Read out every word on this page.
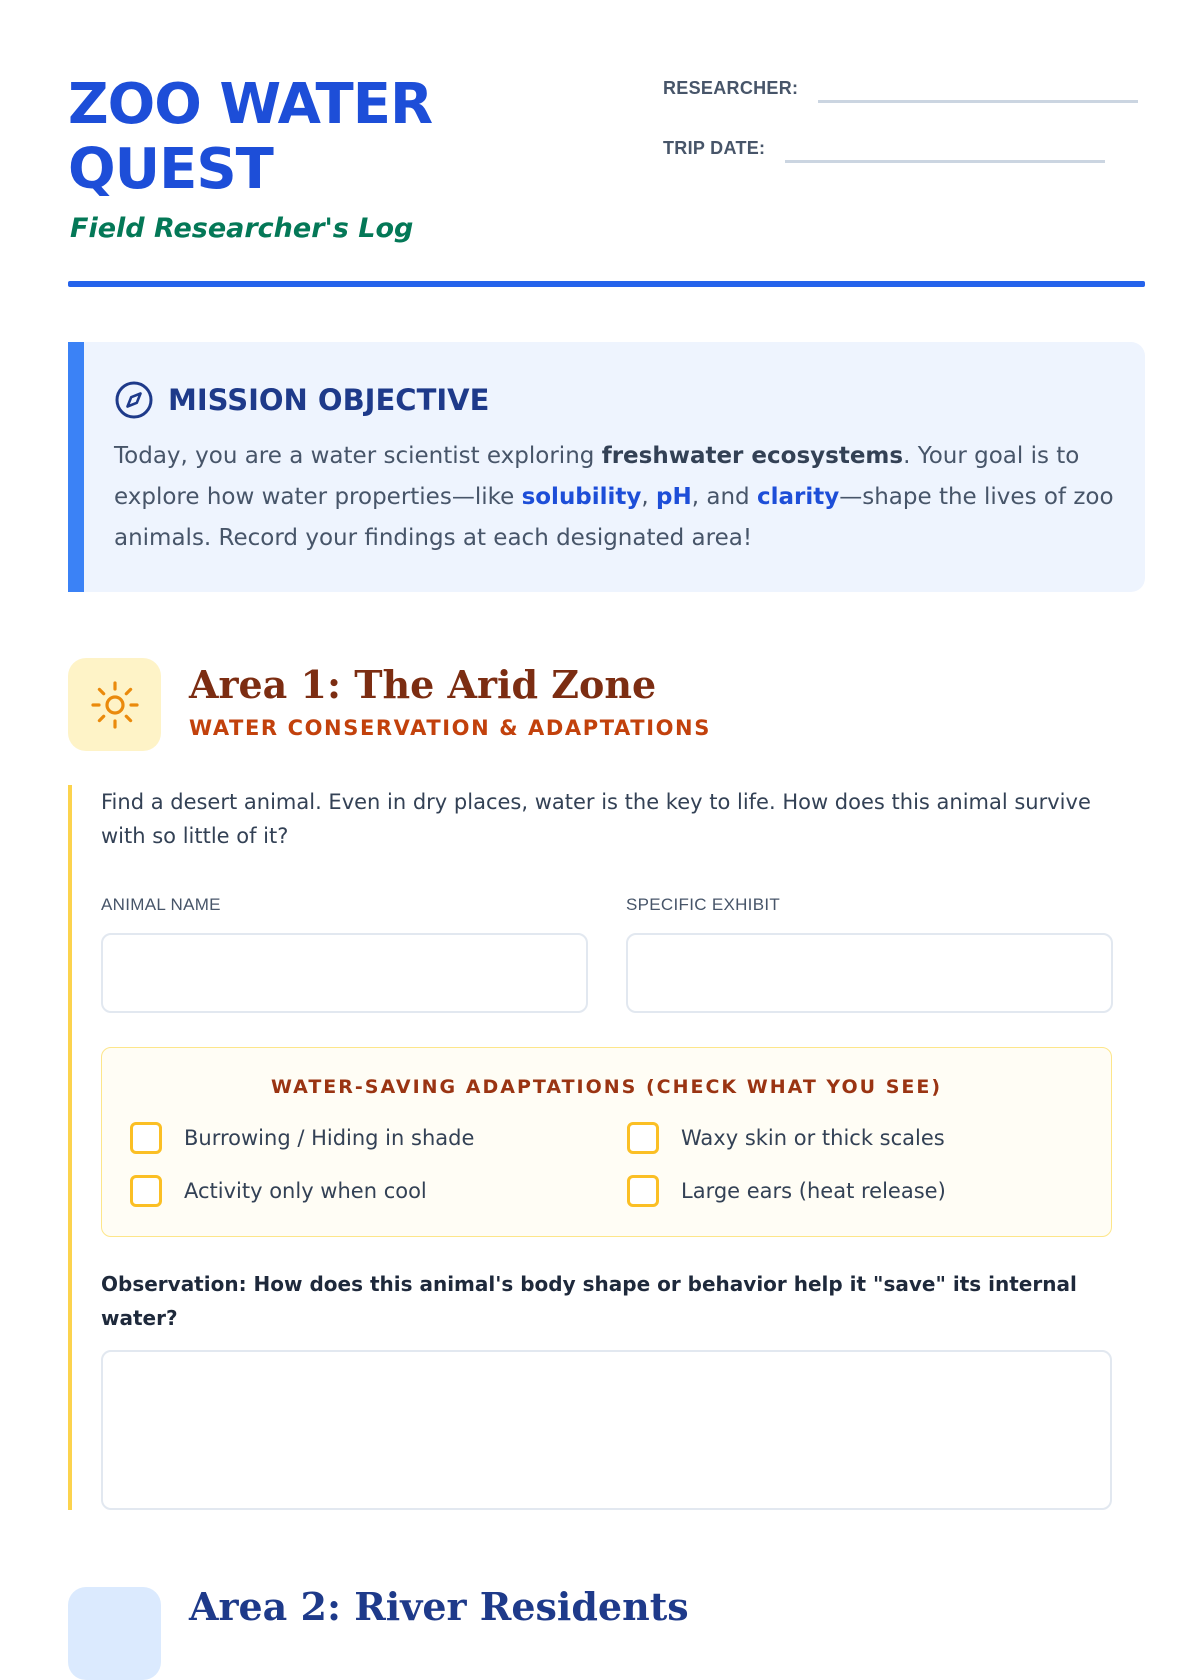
ZOO WATER QUEST
Field Researcher's Log
RESEARCHER:
TRIP DATE:
MISSION OBJECTIVE

Today, you are a water scientist exploring freshwater ecosystems. Your goal is to explore how water properties—like solubility, pH, and clarity—shape the lives of zoo animals. Record your findings at each designated area!

Area 1: The Arid Zone
WATER CONSERVATION & ADAPTATIONS

Find a desert animal. Even in dry places, water is the key to life. How does this animal survive with so little of it?

ANIMAL NAME	SPECIFIC EXHIBIT
WATER-SAVING ADAPTATIONS (CHECK WHAT YOU SEE)
Burrowing / Hiding in shade	Waxy skin or thick scales
Activity only when cool	Large ears (heat release)

Observation: How does this animal's body shape or behavior help it "save" its internal water?

Area 2: River Residents
